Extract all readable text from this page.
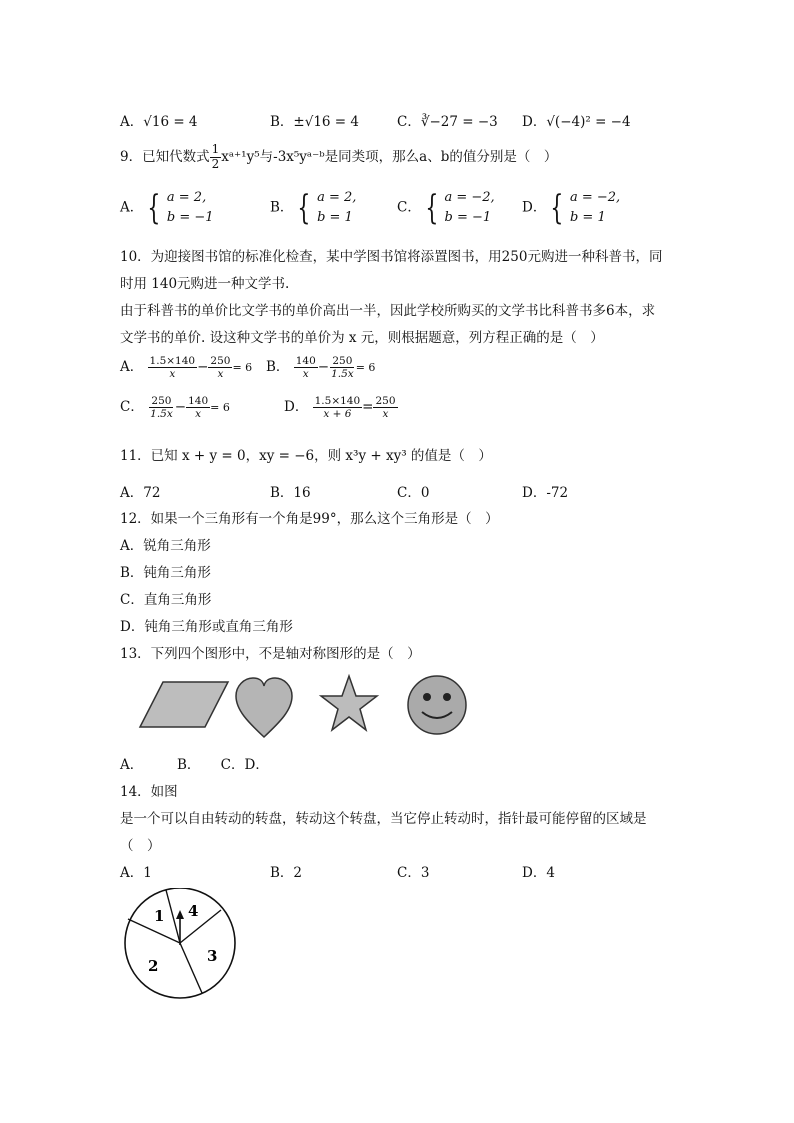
A．√16 = 4	B．±√16 = 4	C．∛−27 = −3 D．√(−4)² = −4
9．已知代数式 $\frac{1}{2}$ xᵃ⁺¹y⁵与-3x⁵yᵃ⁻ᵇ是同类项，那么a、b的值分别是（　）
A． { a = 2,
b = −1
B． { a = 2,
b = 1
C． { a = −2,
b = −1
D． { a = −2,
b = 1
10．为迎接图书馆的标准化检查，某中学图书馆将添置图书，用250元购进一种科普书，同
时用 140元购进一种文学书.
由于科普书的单价比文学书的单价高出一半，因此学校所购买的文学书比科普书多6本，求
文学书的单价. 设这种文学书的单价为 x 元，则根据题意，列方程正确的是（　）
A． $\frac{1.5\times 140}{x} - \frac{250}{x} = 6$ B． $\frac{140}{x} - \frac{250}{1.5x} = 6$
C． $\frac{250}{1.5x} - \frac{140}{x} = 6$	D． $\frac{1.5\times 140}{x + 6} = \frac{250}{x}$
11．已知 x + y = 0，xy = −6，则 x³y + xy³ 的值是（　）
A．72	B．16	C．0	D．-72
12．如果一个三角形有一个角是99°，那么这个三角形是（　）
A．锐角三角形
B．钝角三角形
C．直角三角形
D．钝角三角形或直角三角形
13．下列四个图形中，不是轴对称图形的是（　）
A．　　　B．　　C．D．
14．如图
是一个可以自由转动的转盘，转动这个转盘，当它停止转动时，指针最可能停留的区域是
（　）
A．1	B．2	C．3	D．4
1
2
3
4
